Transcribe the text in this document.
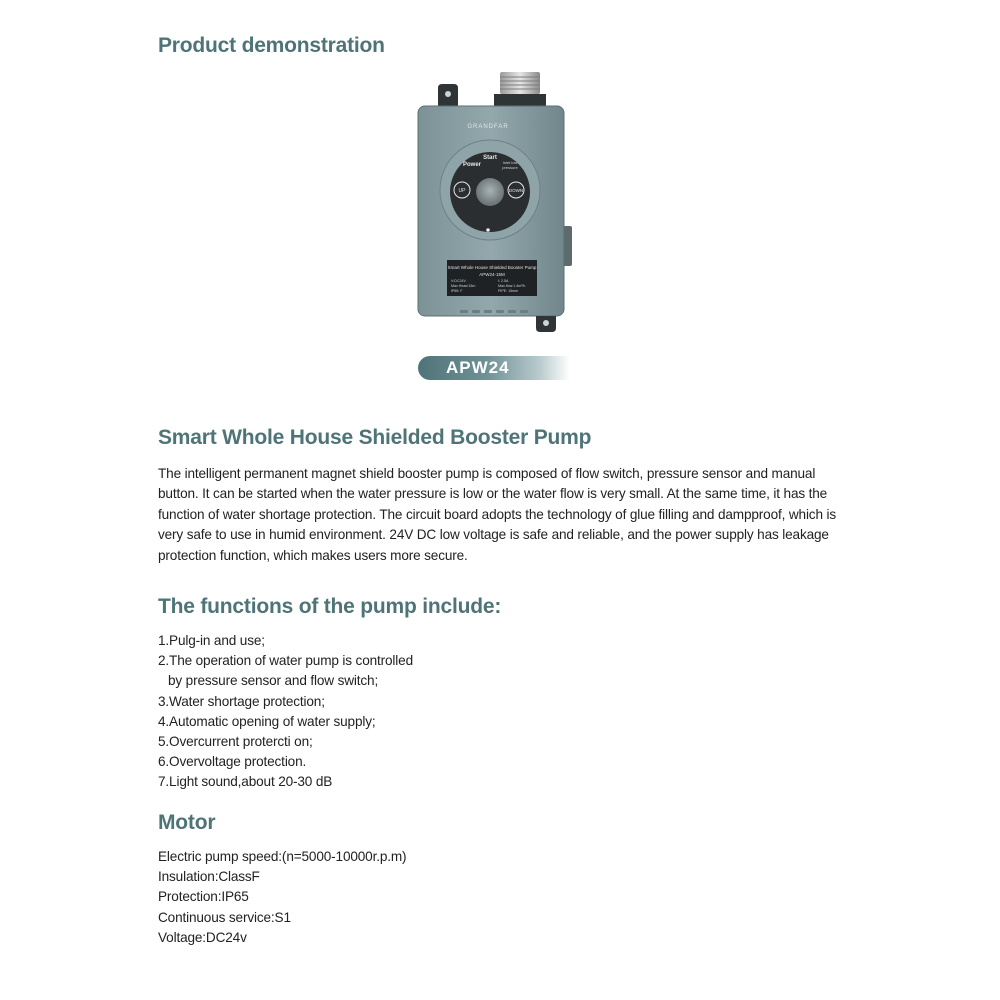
Product demonstration
GRANDFAR
Start
Power	Inlet low
pressure
UP	DOWN
Smart Whole House Shielded Booster Pump
APW24-15M
V:DC24V	I: 2.5A
Max.Head:15m	Max.flow:1.4m³/h
IP65: F	PIPE: 15mm
APW24
Smart Whole House Shielded Booster Pump

The intelligent permanent magnet shield booster pump is composed of flow switch, pressure sensor and manual button. It can be started when the water pressure is low or the water flow is very small. At the same time, it has the function of water shortage protection. The circuit board adopts the technology of glue filling and dampproof, which is very safe to use in humid environment. 24V DC low voltage is safe and reliable, and the power supply has leakage protection function, which makes users more secure.

The functions of the pump include:
1.Pulg-in and use;
2.The operation of water pump is controlled
by pressure sensor and flow switch;
3.Water shortage protection;
4.Automatic opening of water supply;
5.Overcurrent protercti on;
6.Overvoltage protection.
7.Light sound,about 20-30 dB
Motor
Electric pump speed:(n=5000-10000r.p.m)
Insulation:ClassF
Protection:IP65
Continuous service:S1
Voltage:DC24v
